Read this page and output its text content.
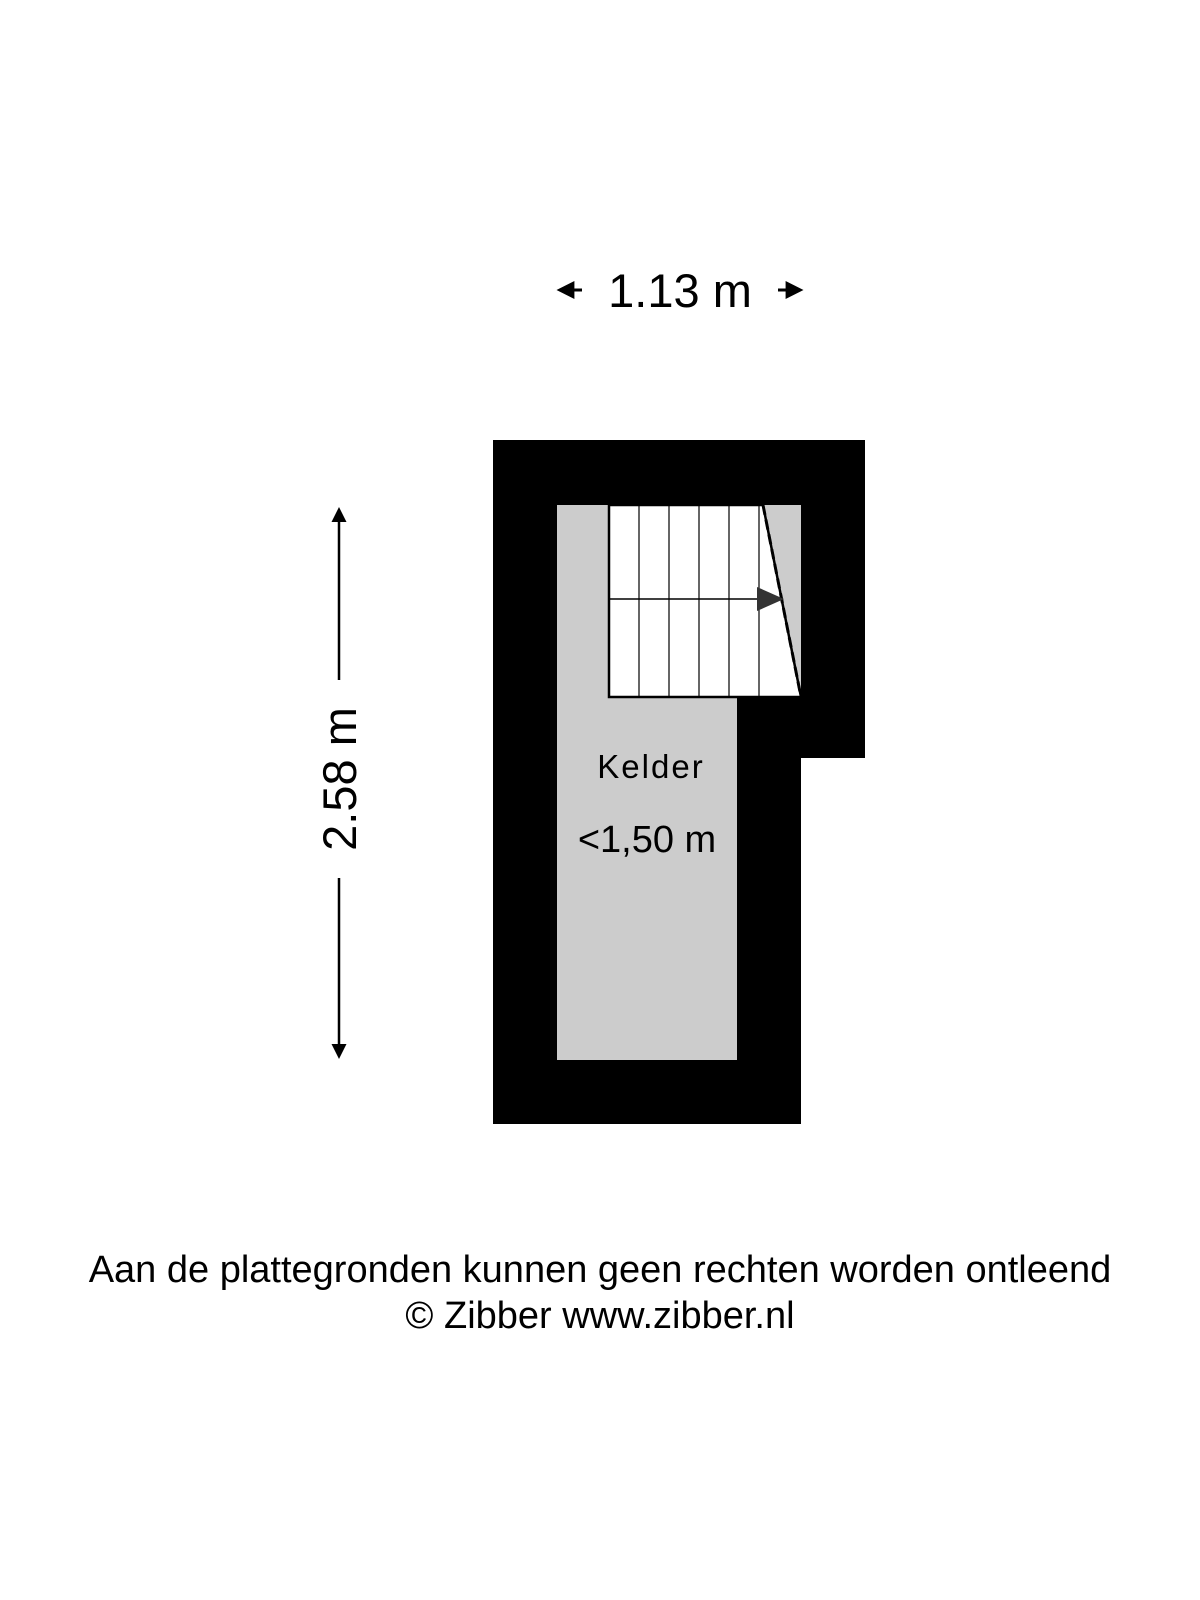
1.13 m
2.58 m	Kelder
<1,50 m
Aan de plattegronden kunnen geen rechten worden ontleend
© Zibber www.zibber.nl
